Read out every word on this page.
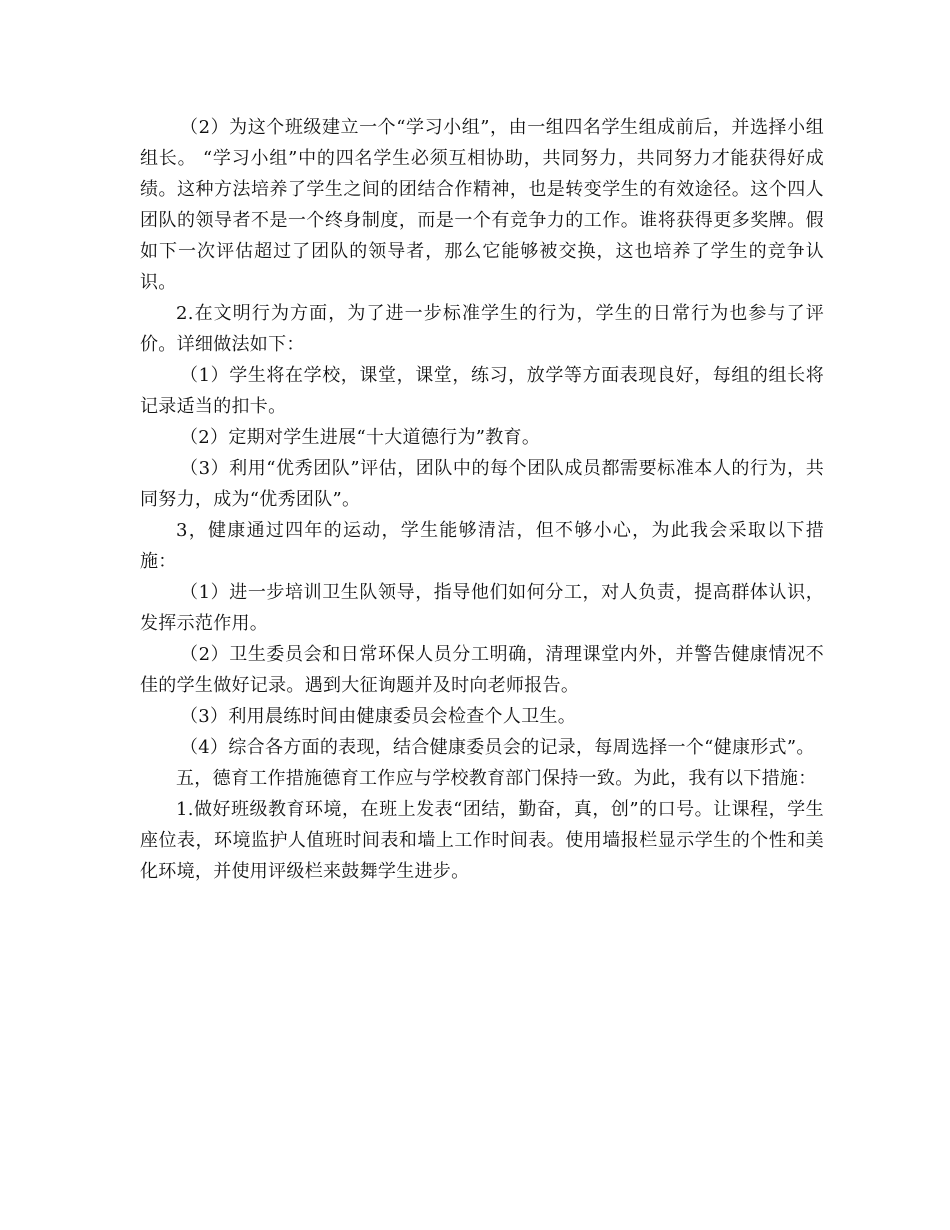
（2）为这个班级建立一个“学习小组”，由一组四名学生组成前后，并选择小组组长。 “学习小组”中的四名学生必须互相协助，共同努力，共同努力才能获得好成绩。这种方法培养了学生之间的团结合作精神，也是转变学生的有效途径。这个四人团队的领导者不是一个终身制度，而是一个有竞争力的工作。谁将获得更多奖牌。假如下一次评估超过了团队的领导者，那么它能够被交换，这也培养了学生的竞争认识。

2.在文明行为方面，为了进一步标准学生的行为，学生的日常行为也参与了评价。详细做法如下：

（1）学生将在学校，课堂，课堂，练习，放学等方面表现良好，每组的组长将记录适当的扣卡。

（2）定期对学生进展“十大道德行为”教育。

（3）利用“优秀团队”评估，团队中的每个团队成员都需要标准本人的行为，共同努力，成为“优秀团队”。

3，健康通过四年的运动，学生能够清洁，但不够小心，为此我会采取以下措施：

（1）进一步培训卫生队领导，指导他们如何分工，对人负责，提高群体认识，发挥示范作用。

（2）卫生委员会和日常环保人员分工明确，清理课堂内外，并警告健康情况不佳的学生做好记录。遇到大征询题并及时向老师报告。

（3）利用晨练时间由健康委员会检查个人卫生。

（4）综合各方面的表现，结合健康委员会的记录，每周选择一个“健康形式”。

五，德育工作措施德育工作应与学校教育部门保持一致。为此，我有以下措施：

1.做好班级教育环境，在班上发表“团结，勤奋，真，创”的口号。让课程，学生座位表，环境监护人值班时间表和墙上工作时间表。使用墙报栏显示学生的个性和美化环境，并使用评级栏来鼓舞学生进步。
